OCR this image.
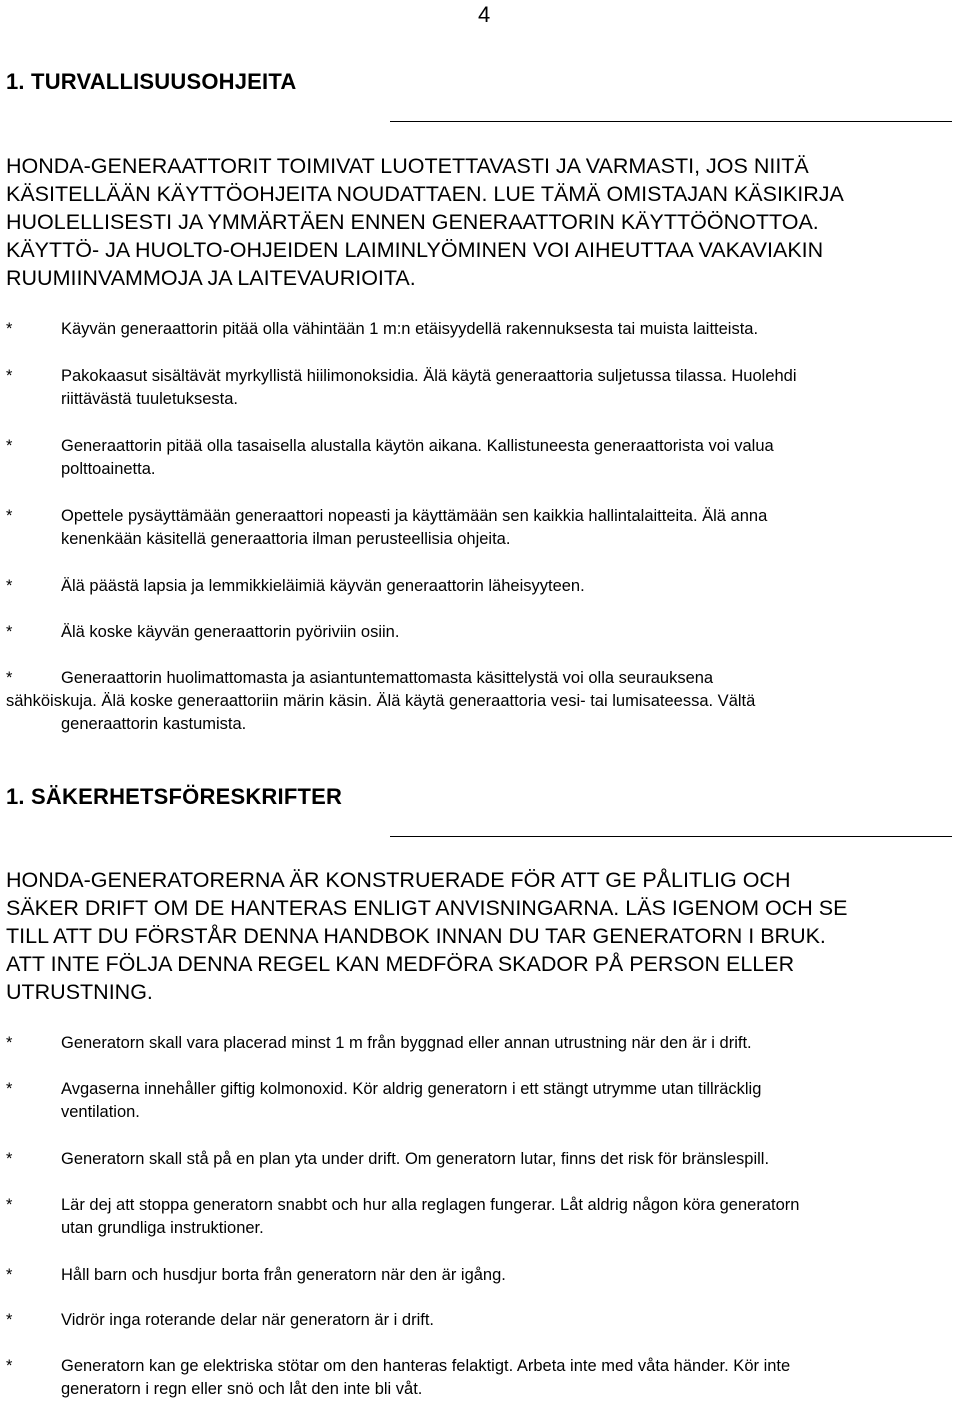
4
1. TURVALLISUUSOHJEITA
HONDA-GENERAATTORIT TOIMIVAT LUOTETTAVASTI JA VARMASTI, JOS NIITÄ
KÄSITELLÄÄN KÄYTTÖOHJEITA NOUDATTAEN. LUE TÄMÄ OMISTAJAN KÄSIKIRJA
HUOLELLISESTI JA YMMÄRTÄEN ENNEN GENERAATTORIN KÄYTTÖÖNOTTOA.
KÄYTTÖ- JA HUOLTO-OHJEIDEN LAIMINLYÖMINEN VOI AIHEUTTAA VAKAVIAKIN
RUUMIINVAMMOJA JA LAITEVAURIOITA.
*	Käyvän generaattorin pitää olla vähintään 1 m:n etäisyydellä rakennuksesta tai muista laitteista.
*	Pakokaasut sisältävät myrkyllistä hiilimonoksidia. Älä käytä generaattoria suljetussa tilassa. Huolehdi
riittävästä tuuletuksesta.
*	Generaattorin pitää olla tasaisella alustalla käytön aikana. Kallistuneesta generaattorista voi valua
polttoainetta.
*	Opettele pysäyttämään generaattori nopeasti ja käyttämään sen kaikkia hallintalaitteita. Älä anna
kenenkään käsitellä generaattoria ilman perusteellisia ohjeita.
*	Älä päästä lapsia ja lemmikkieläimiä käyvän generaattorin läheisyyteen.
*	Älä koske käyvän generaattorin pyöriviin osiin.
*	Generaattorin huolimattomasta ja asiantuntemattomasta käsittelystä voi olla seurauksena
sähköiskuja. Älä koske generaattoriin märin käsin. Älä käytä generaattoria vesi- tai lumisateessa. Vältä
generaattorin kastumista.
1. SÄKERHETSFÖRESKRIFTER
HONDA-GENERATORERNA ÄR KONSTRUERADE FÖR ATT GE PÅLITLIG OCH
SÄKER DRIFT OM DE HANTERAS ENLIGT ANVISNINGARNA. LÄS IGENOM OCH SE
TILL ATT DU FÖRSTÅR DENNA HANDBOK INNAN DU TAR GENERATORN I BRUK.
ATT INTE FÖLJA DENNA REGEL KAN MEDFÖRA SKADOR PÅ PERSON ELLER
UTRUSTNING.
*	Generatorn skall vara placerad minst 1 m från byggnad eller annan utrustning när den är i drift.
*	Avgaserna innehåller giftig kolmonoxid. Kör aldrig generatorn i ett stängt utrymme utan tillräcklig
ventilation.
*	Generatorn skall stå på en plan yta under drift. Om generatorn lutar, finns det risk för bränslespill.
*	Lär dej att stoppa generatorn snabbt och hur alla reglagen fungerar. Låt aldrig någon köra generatorn
utan grundliga instruktioner.
*	Håll barn och husdjur borta från generatorn när den är igång.
*	Vidrör inga roterande delar när generatorn är i drift.
*	Generatorn kan ge elektriska stötar om den hanteras felaktigt. Arbeta inte med våta händer. Kör inte
generatorn i regn eller snö och låt den inte bli våt.
